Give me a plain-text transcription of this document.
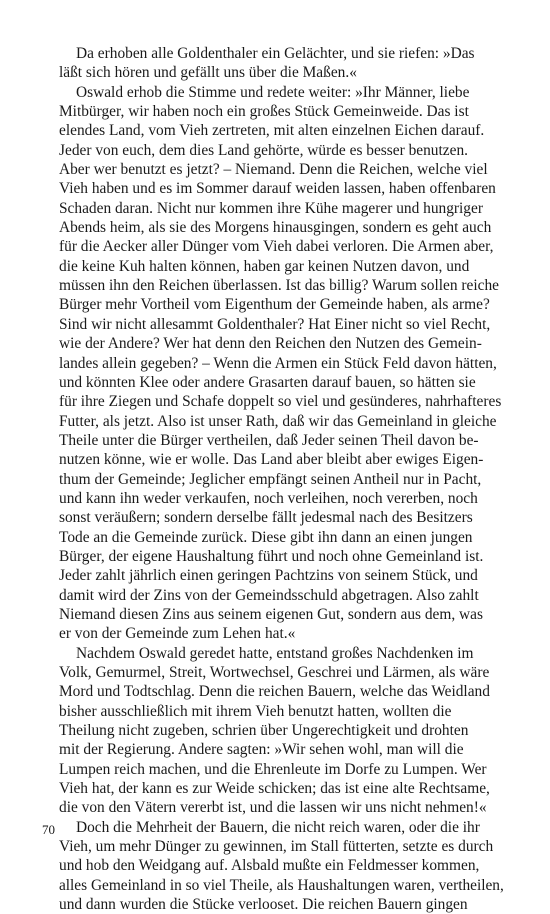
Da erhoben alle Goldenthaler ein Gelächter, und sie riefen: »Das
läßt sich hören und gefällt uns über die Maßen.«

Oswald erhob die Stimme und redete weiter: »Ihr Männer, liebe
Mitbürger, wir haben noch ein großes Stück Gemeinweide. Das ist
elendes Land, vom Vieh zertreten, mit alten einzelnen Eichen darauf.
Jeder von euch, dem dies Land gehörte, würde es besser benutzen.
Aber wer benutzt es jetzt? – Niemand. Denn die Reichen, welche viel
Vieh haben und es im Sommer darauf weiden lassen, haben offenbaren
Schaden daran. Nicht nur kommen ihre Kühe magerer und hungriger
Abends heim, als sie des Morgens hinausgingen, sondern es geht auch
für die Aecker aller Dünger vom Vieh dabei verloren. Die Armen aber,
die keine Kuh halten können, haben gar keinen Nutzen davon, und
müssen ihn den Reichen überlassen. Ist das billig? Warum sollen reiche
Bürger mehr Vortheil vom Eigenthum der Gemeinde haben, als arme?
Sind wir nicht allesammt Goldenthaler? Hat Einer nicht so viel Recht,
wie der Andere? Wer hat denn den Reichen den Nutzen des Gemein-
landes allein gegeben? – Wenn die Armen ein Stück Feld davon hätten,
und könnten Klee oder andere Grasarten darauf bauen, so hätten sie
für ihre Ziegen und Schafe doppelt so viel und gesünderes, nahrhafteres
Futter, als jetzt. Also ist unser Rath, daß wir das Gemeinland in gleiche
Theile unter die Bürger vertheilen, daß Jeder seinen Theil davon be-
nutzen könne, wie er wolle. Das Land aber bleibt aber ewiges Eigen-
thum der Gemeinde; Jeglicher empfängt seinen Antheil nur in Pacht,
und kann ihn weder verkaufen, noch verleihen, noch vererben, noch
sonst veräußern; sondern derselbe fällt jedesmal nach des Besitzers
Tode an die Gemeinde zurück. Diese gibt ihn dann an einen jungen
Bürger, der eigene Haushaltung führt und noch ohne Gemeinland ist.
Jeder zahlt jährlich einen geringen Pachtzins von seinem Stück, und
damit wird der Zins von der Gemeindsschuld abgetragen. Also zahlt
Niemand diesen Zins aus seinem eigenen Gut, sondern aus dem, was
er von der Gemeinde zum Lehen hat.«

Nachdem Oswald geredet hatte, entstand großes Nachdenken im
Volk, Gemurmel, Streit, Wortwechsel, Geschrei und Lärmen, als wäre
Mord und Todtschlag. Denn die reichen Bauern, welche das Weidland
bisher ausschließlich mit ihrem Vieh benutzt hatten, wollten die
Theilung nicht zugeben, schrien über Ungerechtigkeit und drohten
mit der Regierung. Andere sagten: »Wir sehen wohl, man will die
Lumpen reich machen, und die Ehrenleute im Dorfe zu Lumpen. Wer
Vieh hat, der kann es zur Weide schicken; das ist eine alte Rechtsame,
die von den Vätern vererbt ist, und die lassen wir uns nicht nehmen!«

Doch die Mehrheit der Bauern, die nicht reich waren, oder die ihr
Vieh, um mehr Dünger zu gewinnen, im Stall fütterten, setzte es durch
und hob den Weidgang auf. Alsbald mußte ein Feldmesser kommen,
alles Gemeinland in so viel Theile, als Haushaltungen waren, vertheilen,
und dann wurden die Stücke verlooset. Die reichen Bauern gingen

70
